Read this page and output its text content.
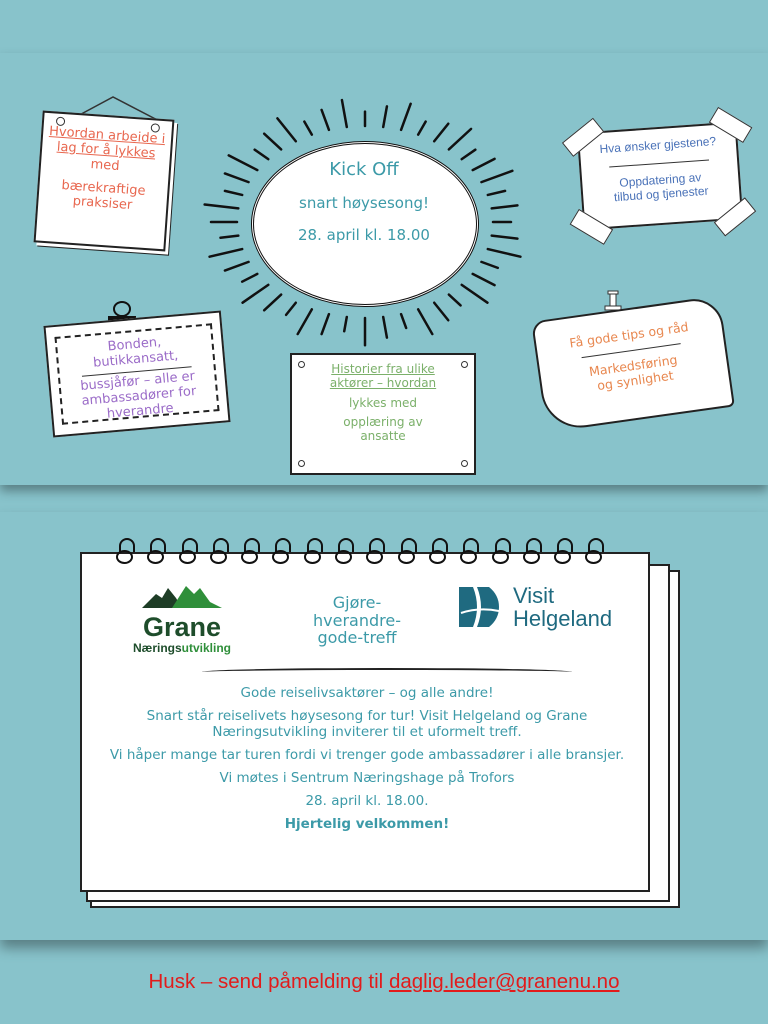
Hvordan arbeide i lag for å lykkes

med

bærekraftige praksiser

Kick Off

snart høysesong!

28. april kl. 18.00

Hva ønsker gjestene?

Oppdatering av tilbud og tjenester

Bonden, butikkansatt,

bussjåfør – alle er ambassadører for hverandre

Historier fra ulike aktører – hvordan

lykkes med

opplæring av ansatte

Få gode tips og råd

Markedsføring og synlighet

Grane
Næringsutvikling
Gjøre-
hverandre-
gode-treff
Visit
Helgeland

Gode reiselivsaktører – og alle andre!

Snart står reiselivets høysesong for tur! Visit Helgeland og Grane Næringsutvikling inviterer til et uformelt treff.

Vi håper mange tar turen fordi vi trenger gode ambassadører i alle bransjer.

Vi møtes i Sentrum Næringshage på Trofors

28. april kl. 18.00.

Hjertelig velkommen!

Husk – send påmelding til daglig.leder@granenu.no
